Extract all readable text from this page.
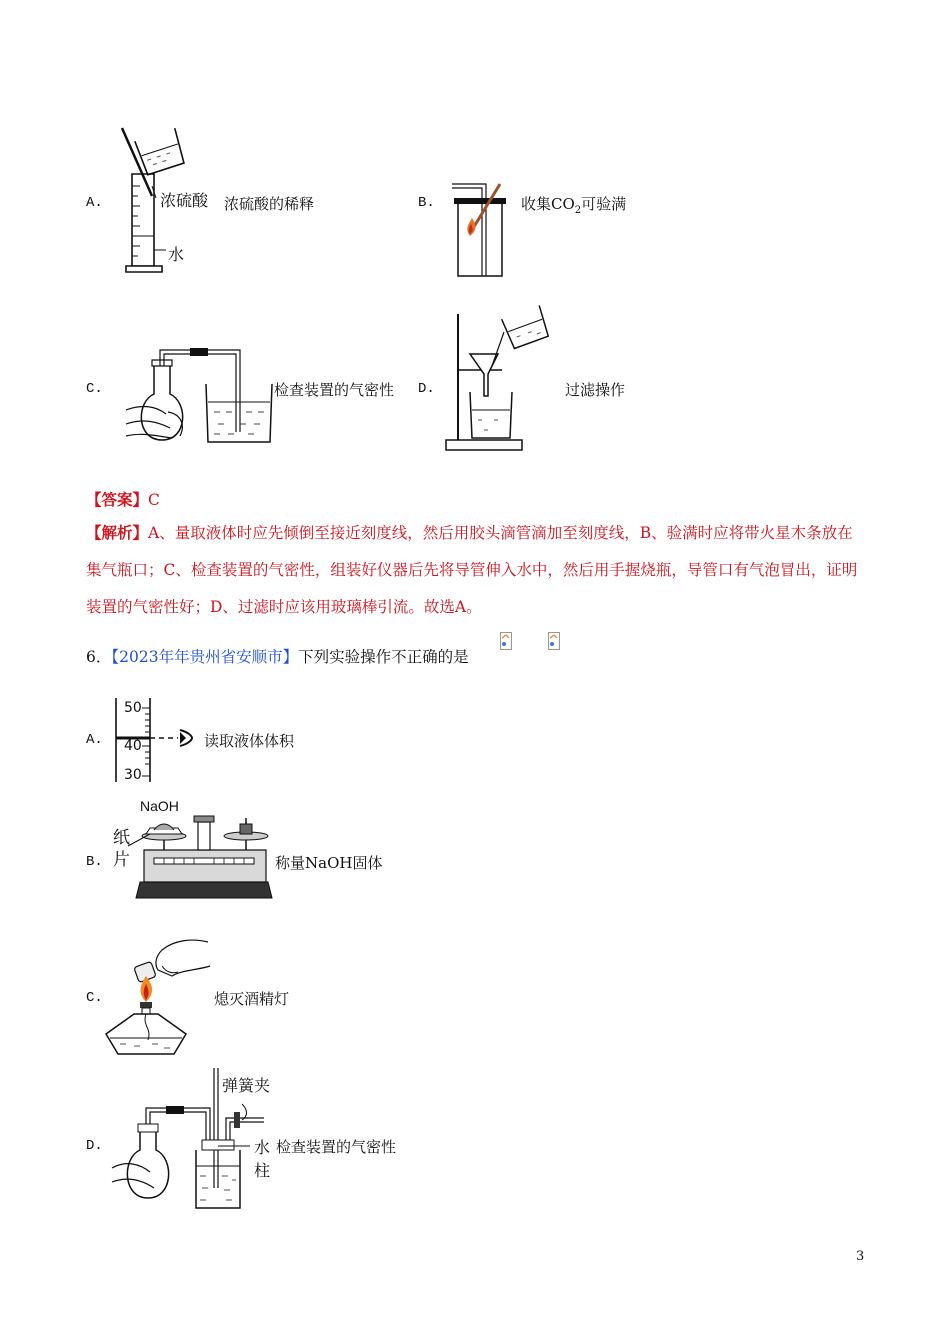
浓硫酸
水
A.	浓硫酸的稀释	B.	收集$CO_2$可验满
C.	检查装置的气密性 D.	过滤操作
【答案】C
【解析】A、量取液体时应先倾倒至接近刻度线，然后用胶头滴管滴加至刻度线，B、验满时应将带火星木条放在集气瓶口；C、检查装置的气密性，组装好仪器后先将导管伸入水中，然后用手握烧瓶，导管口有气泡冒出，证明装置的气密性好；D、过滤时应该用玻璃棒引流。故选A。
6．【2023年年贵州省安顺市】下列实验操作不正确的是
50
40
30
A.	读取液体体积
NaOH
纸
片
B.	称量NaOH固体
C.	熄灭酒精灯
弹簧夹
水
柱
D.	检查装置的气密性
3
